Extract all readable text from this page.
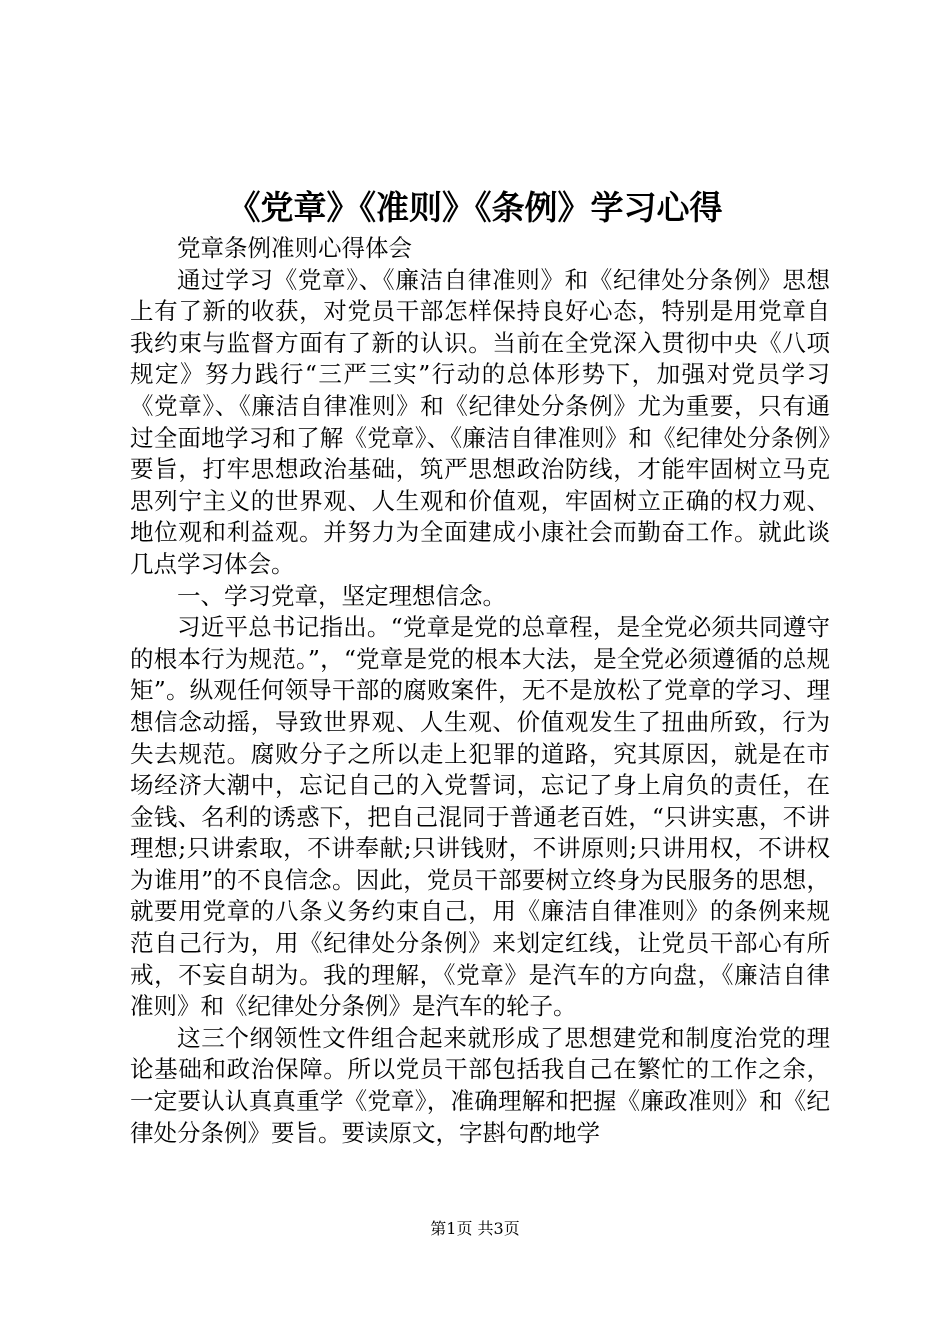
《党章》《准则》《条例》学习心得

党章条例准则心得体会

通过学习《党章》、《廉洁自律准则》和《纪律处分条例》思想上有了新的收获，对党员干部怎样保持良好心态，特别是用党章自我约束与监督方面有了新的认识。当前在全党深入贯彻中央《八项规定》努力践行“三严三实”行动的总体形势下，加强对党员学习《党章》、《廉洁自律准则》和《纪律处分条例》尤为重要，只有通过全面地学习和了解《党章》、《廉洁自律准则》和《纪律处分条例》要旨，打牢思想政治基础，筑严思想政治防线，才能牢固树立马克思列宁主义的世界观、人生观和价值观，牢固树立正确的权力观、地位观和利益观。并努力为全面建成小康社会而勤奋工作。就此谈几点学习体会。

一、学习党章，坚定理想信念。

习近平总书记指出。“党章是党的总章程，是全党必须共同遵守的根本行为规范。”，“党章是党的根本大法，是全党必须遵循的总规矩”。纵观任何领导干部的腐败案件，无不是放松了党章的学习、理想信念动摇，导致世界观、人生观、价值观发生了扭曲所致，行为失去规范。腐败分子之所以走上犯罪的道路，究其原因，就是在市场经济大潮中，忘记自己的入党誓词，忘记了身上肩负的责任，在金钱、名利的诱惑下，把自己混同于普通老百姓，“只讲实惠，不讲理想;只讲索取，不讲奉献;只讲钱财，不讲原则;只讲用权，不讲权为谁用”的不良信念。因此，党员干部要树立终身为民服务的思想，就要用党章的八条义务约束自己，用《廉洁自律准则》的条例来规范自己行为，用《纪律处分条例》来划定红线，让党员干部心有所戒，不妄自胡为。我的理解，《党章》是汽车的方向盘，《廉洁自律准则》和《纪律处分条例》是汽车的轮子。

这三个纲领性文件组合起来就形成了思想建党和制度治党的理论基础和政治保障。所以党员干部包括我自己在繁忙的工作之余，一定要认认真真重学《党章》，准确理解和把握《廉政准则》和《纪律处分条例》要旨。要读原文，字斟句酌地学

第1页 共3页
